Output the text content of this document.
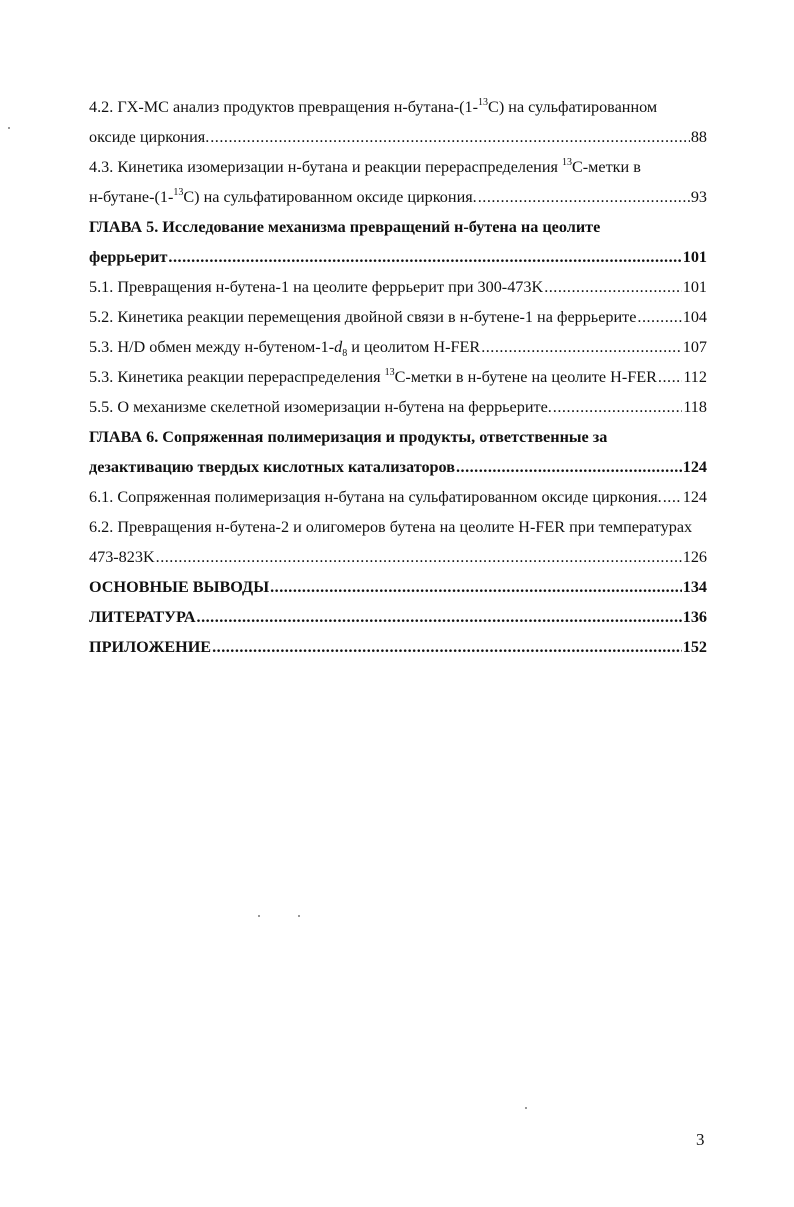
4.2. ГХ-МС анализ продуктов превращения н-бутана-(1-$^{13}$С) на сульфатированном
оксиде циркония. .....	88
4.3. Кинетика изомеризации н-бутана и реакции перераспределения $^{13}$С-метки в
н-бутане-(1-$^{13}$С) на сульфатированном оксиде циркония. .....	93
ГЛАВА 5. Исследование механизма превращений н-бутена на цеолите
феррьерит .....	101
5.1. Превращения н-бутена-1 на цеолите феррьерит при 300-473K .....	101
5.2. Кинетика реакции перемещения двойной связи в н-бутене-1 на феррьерите .....	104
5.3. H/D обмен между $н-бутеном-1-d_8$ и цеолитом H-FER .....	107
5.3. Кинетика реакции перераспределения $^{13}$С-метки в н-бутене на цеолите H-FER ..... 112
5.5. О механизме скелетной изомеризации н-бутена на феррьерите. .....	118
ГЛАВА 6. Сопряженная полимеризация и продукты, ответственные за
дезактивацию твердых кислотных катализаторов .....	124
6.1. Сопряженная полимеризация н-бутана на сульфатированном оксиде циркония. ..... 124
6.2. Превращения н-бутена-2 и олигомеров бутена на цеолите H-FER при температурах
473-823K .....	126
ОСНОВНЫЕ ВЫВОДЫ .....	134
ЛИТЕРАТУРА .....	136
ПРИЛОЖЕНИЕ .....	152
3
